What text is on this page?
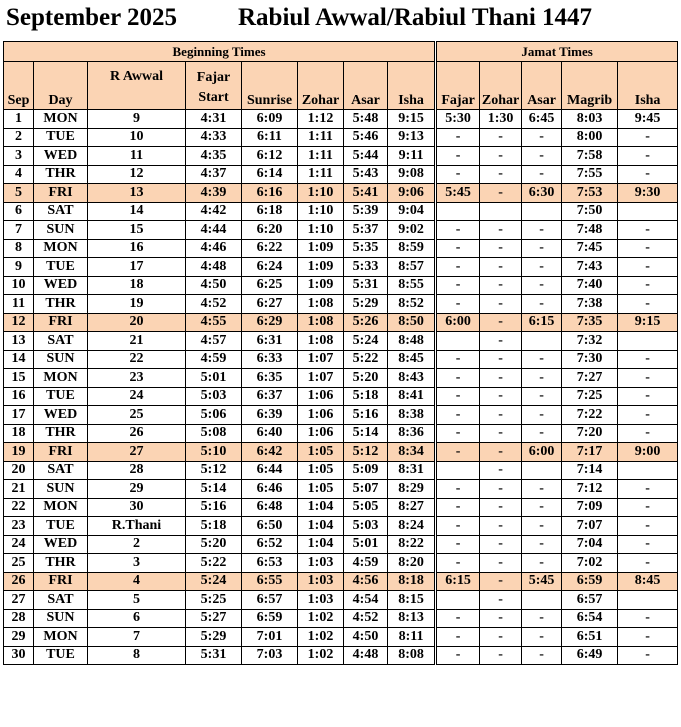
September 2025 Rabiul Awwal/Rabiul Thani 1447
Beginning Times								Jamat Times				
Sep	Day	R Awwal	Fajar
Start	Sunrise	Zohar	Asar	Isha	Fajar	Zohar	Asar	Magrib	Isha
1	MON	9	4:31	6:09	1:12	5:48	9:15	5:30	1:30	6:45	8:03	9:45
2	TUE	10	4:33	6:11	1:11	5:46	9:13	-	-	-	8:00	-
3	WED	11	4:35	6:12	1:11	5:44	9:11	-	-	-	7:58	-
4	THR	12	4:37	6:14	1:11	5:43	9:08	-	-	-	7:55	-
5	FRI	13	4:39	6:16	1:10	5:41	9:06	5:45	-	6:30	7:53	9:30
6	SAT	14	4:42	6:18	1:10	5:39	9:04				7:50	
7	SUN	15	4:44	6:20	1:10	5:37	9:02	-	-	-	7:48	-
8	MON	16	4:46	6:22	1:09	5:35	8:59	-	-	-	7:45	-
9	TUE	17	4:48	6:24	1:09	5:33	8:57	-	-	-	7:43	-
10	WED	18	4:50	6:25	1:09	5:31	8:55	-	-	-	7:40	-
11	THR	19	4:52	6:27	1:08	5:29	8:52	-	-	-	7:38	-
12	FRI	20	4:55	6:29	1:08	5:26	8:50	6:00	-	6:15	7:35	9:15
13	SAT	21	4:57	6:31	1:08	5:24	8:48		-		7:32	
14	SUN	22	4:59	6:33	1:07	5:22	8:45	-	-	-	7:30	-
15	MON	23	5:01	6:35	1:07	5:20	8:43	-	-	-	7:27	-
16	TUE	24	5:03	6:37	1:06	5:18	8:41	-	-	-	7:25	-
17	WED	25	5:06	6:39	1:06	5:16	8:38	-	-	-	7:22	-
18	THR	26	5:08	6:40	1:06	5:14	8:36	-	-	-	7:20	-
19	FRI	27	5:10	6:42	1:05	5:12	8:34	-	-	6:00	7:17	9:00
20	SAT	28	5:12	6:44	1:05	5:09	8:31		-		7:14	
21	SUN	29	5:14	6:46	1:05	5:07	8:29	-	-	-	7:12	-
22	MON	30	5:16	6:48	1:04	5:05	8:27	-	-	-	7:09	-
23	TUE	R.Thani	5:18	6:50	1:04	5:03	8:24	-	-	-	7:07	-
24	WED	2	5:20	6:52	1:04	5:01	8:22	-	-	-	7:04	-
25	THR	3	5:22	6:53	1:03	4:59	8:20	-	-	-	7:02	-
26	FRI	4	5:24	6:55	1:03	4:56	8:18	6:15	-	5:45	6:59	8:45
27	SAT	5	5:25	6:57	1:03	4:54	8:15		-		6:57	
28	SUN	6	5:27	6:59	1:02	4:52	8:13	-	-	-	6:54	-
29	MON	7	5:29	7:01	1:02	4:50	8:11	-	-	-	6:51	-
30	TUE	8	5:31	7:03	1:02	4:48	8:08	-	-	-	6:49	-
